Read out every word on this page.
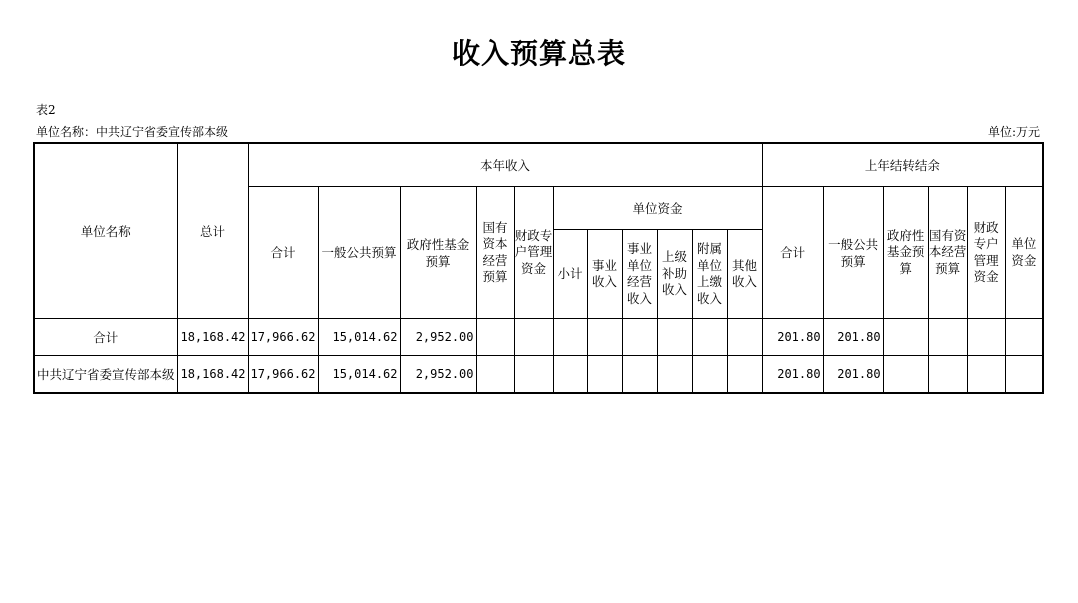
收入预算总表
表2
单位名称：中共辽宁省委宣传部本级	单位:万元
单位名称	总计	本年收入											上年结转结余					
		合计	一般公共预算	政府性基金预算	国有资本经营预算	财政专户管理资金	单位资金						合计	一般公共预算	政府性基金预算	国有资本经营预算	财政专户管理资金	单位资金
							小计	事业收入	事业单位经营收入	上级补助收入	附属单位上缴收入	其他收入						
合计	18,168.42	17,966.62	15,014.62	2,952.00									201.80	201.80				
中共辽宁省委宣传部本级	18,168.42	17,966.62	15,014.62	2,952.00									201.80	201.80				
